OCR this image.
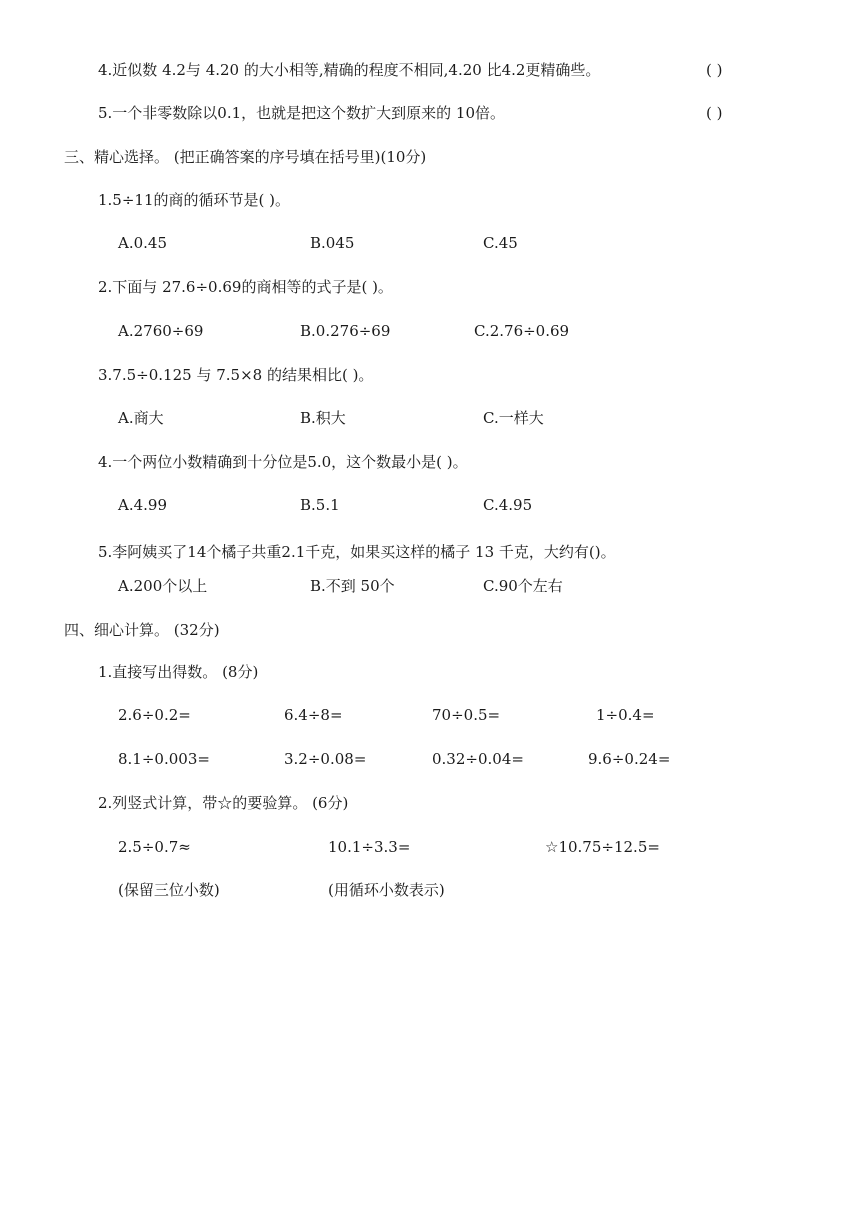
4.近似数 4.2与 4.20 的大小相等,精确的程度不相同,4.20 比4.2更精确些。	( )
5.一个非零数除以0.1，也就是把这个数扩大到原来的 10倍。	( )
三、精心选择。 (把正确答案的序号填在括号里)(10分)
1.5÷11的商的循环节是( )。
A.0.45	B.045	C.45
2.下面与 27.6÷0.69的商相等的式子是( )。
A.2760÷69	B.0.276÷69	C.2.76÷0.69
3.7.5÷0.125 与 7.5×8 的结果相比( )。
A.商大	B.积大	C.一样大
4.一个两位小数精确到十分位是5.0，这个数最小是( )。
A.4.99	B.5.1	C.4.95
5.李阿姨买了14个橘子共重2.1千克，如果买这样的橘子 13 千克，大约有()。
A.200个以上	B.不到 50个	C.90个左右
四、细心计算。 (32分)
1.直接写出得数。 (8分)
2.6÷0.2=	6.4÷8=	70÷0.5=	1÷0.4=
8.1÷0.003=	3.2÷0.08=	0.32÷0.04=	9.6÷0.24=
2.列竖式计算，带☆的要验算。 (6分)
2.5÷0.7≈	10.1÷3.3=	☆10.75÷12.5=
(保留三位小数)	(用循环小数表示)
